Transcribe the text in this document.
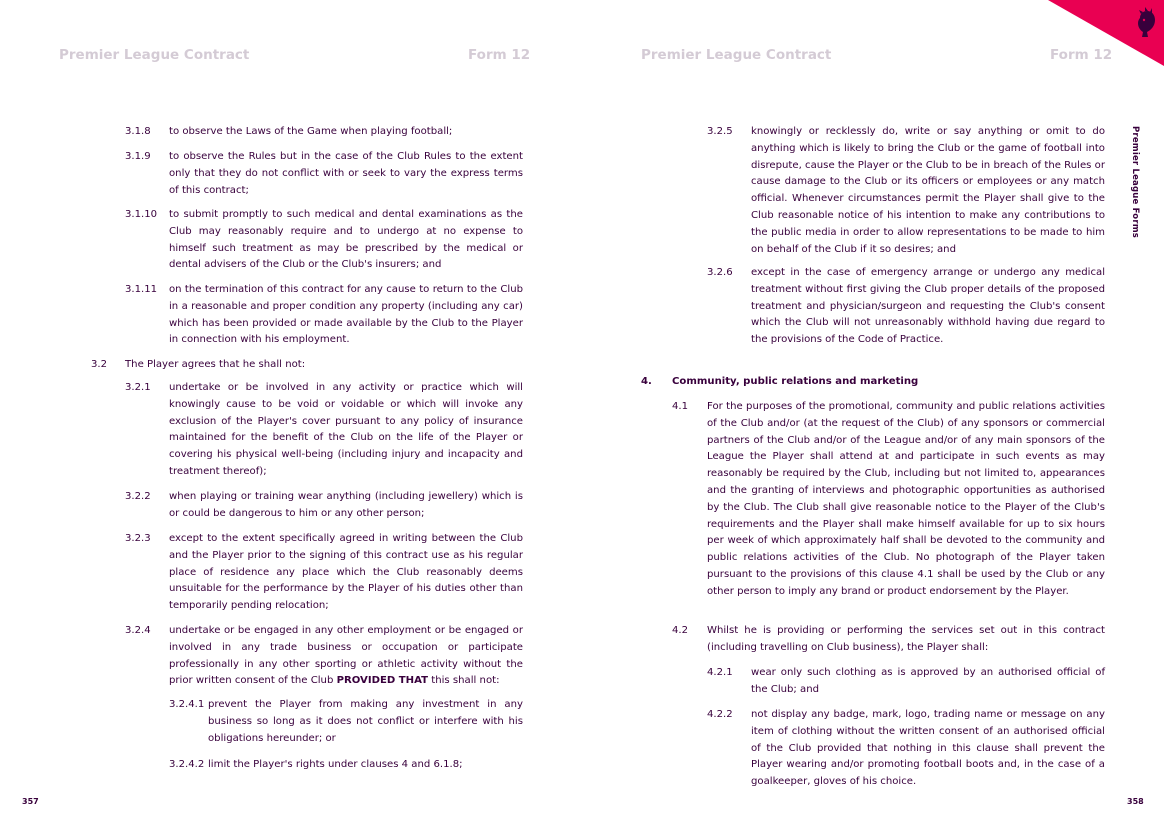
Premier League Contract	Form 12
3.1.8 to observe the Laws of the Game when playing football;
3.1.9 to observe the Rules but in the case of the Club Rules to the extent only that they do not conflict with or seek to vary the express terms of this contract;
3.1.10 to submit promptly to such medical and dental examinations as the Club may reasonably require and to undergo at no expense to himself such treatment as may be prescribed by the medical or dental advisers of the Club or the Club's insurers; and
3.1.11 on the termination of this contract for any cause to return to the Club in a reasonable and proper condition any property (including any car) which has been provided or made available by the Club to the Player in connection with his employment.
3.2 The Player agrees that he shall not:
3.2.1 undertake or be involved in any activity or practice which will knowingly cause to be void or voidable or which will invoke any exclusion of the Player's cover pursuant to any policy of insurance maintained for the benefit of the Club on the life of the Player or covering his physical well-being (including injury and incapacity and treatment thereof);
3.2.2 when playing or training wear anything (including jewellery) which is or could be dangerous to him or any other person;
3.2.3 except to the extent specifically agreed in writing between the Club and the Player prior to the signing of this contract use as his regular place of residence any place which the Club reasonably deems unsuitable for the performance by the Player of his duties other than temporarily pending relocation;
3.2.4 undertake or be engaged in any other employment or be engaged or involved in any trade business or occupation or participate professionally in any other sporting or athletic activity without the prior written consent of the Club PROVIDED THAT this shall not:
3.2.4.1 prevent the Player from making any investment in any business so long as it does not conflict or interfere with his obligations hereunder; or
3.2.4.2 limit the Player's rights under clauses 4 and 6.1.8;
357
Premier League Contract	Form 12
3.2.5 knowingly or recklessly do, write or say anything or omit to do anything which is likely to bring the Club or the game of football into disrepute, cause the Player or the Club to be in breach of the Rules or cause damage to the Club or its officers or employees or any match official. Whenever circumstances permit the Player shall give to the Club reasonable notice of his intention to make any contributions to the public media in order to allow representations to be made to him on behalf of the Club if it so desires; and
3.2.6 except in the case of emergency arrange or undergo any medical treatment without first giving the Club proper details of the proposed treatment and physician/surgeon and requesting the Club's consent which the Club will not unreasonably withhold having due regard to the provisions of the Code of Practice.
4. Community, public relations and marketing
4.1 For the purposes of the promotional, community and public relations activities of the Club and/or (at the request of the Club) of any sponsors or commercial partners of the Club and/or of the League and/or of any main sponsors of the League the Player shall attend at and participate in such events as may reasonably be required by the Club, including but not limited to, appearances and the granting of interviews and photographic opportunities as authorised by the Club. The Club shall give reasonable notice to the Player of the Club's requirements and the Player shall make himself available for up to six hours per week of which approximately half shall be devoted to the community and public relations activities of the Club. No photograph of the Player taken pursuant to the provisions of this clause 4.1 shall be used by the Club or any other person to imply any brand or product endorsement by the Player.
4.2 Whilst he is providing or performing the services set out in this contract (including travelling on Club business), the Player shall:
4.2.1 wear only such clothing as is approved by an authorised official of the Club; and
4.2.2 not display any badge, mark, logo, trading name or message on any item of clothing without the written consent of an authorised official of the Club provided that nothing in this clause shall prevent the Player wearing and/or promoting football boots and, in the case of a goalkeeper, gloves of his choice.
358
Premier League Forms
